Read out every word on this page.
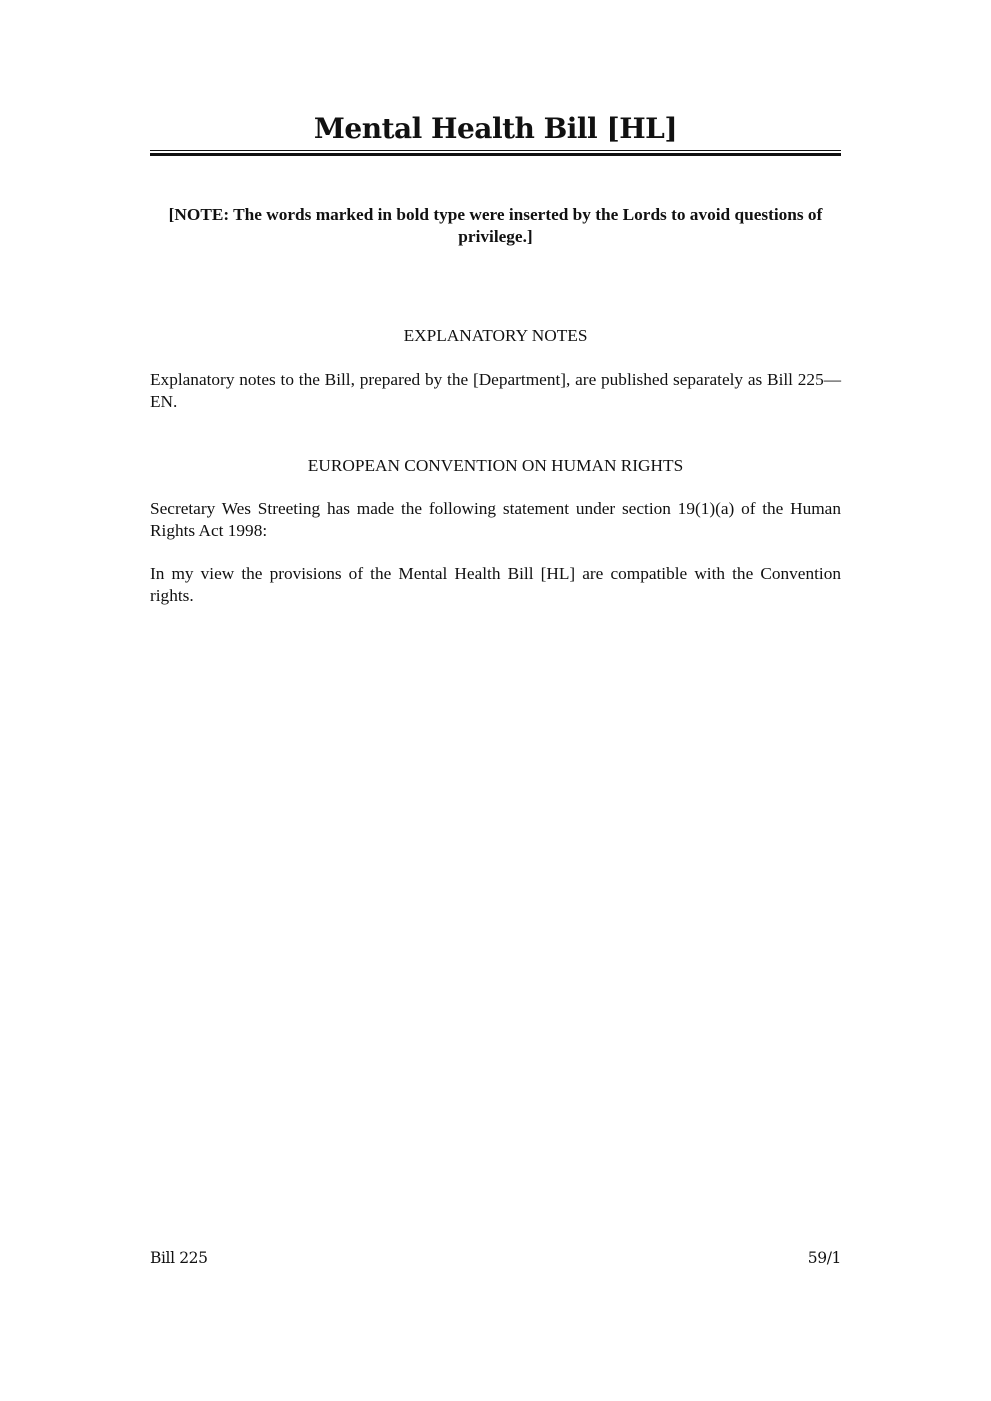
Mental Health Bill [HL]

[NOTE: The words marked in bold type were inserted by the Lords to avoid questions of privilege.]

EXPLANATORY NOTES

Explanatory notes to the Bill, prepared by the [Department], are published separately as Bill 225—EN.

EUROPEAN CONVENTION ON HUMAN RIGHTS

Secretary Wes Streeting has made the following statement under section 19(1)(a) of the Human Rights Act 1998:

In my view the provisions of the Mental Health Bill [HL] are compatible with the Convention rights.

Bill 225	59/1
